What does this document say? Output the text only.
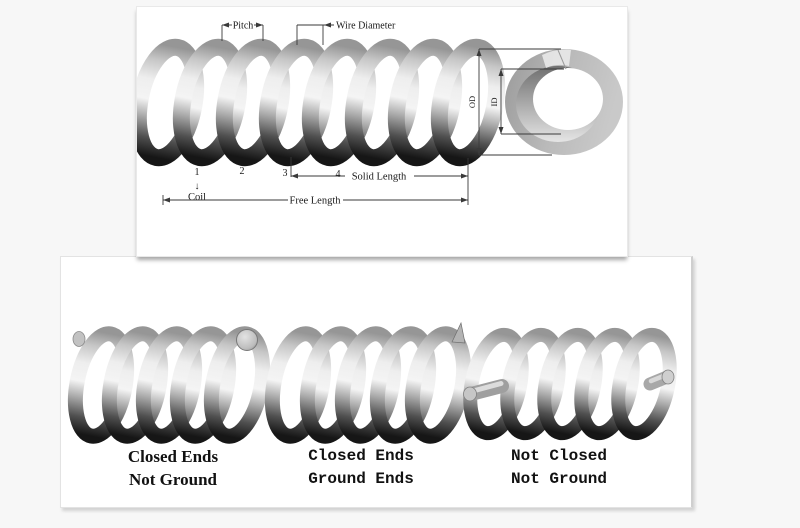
Pitch	Wire Diameter
1	2	3	4
↓
Coil
Solid Length
Free Length
OD ID
Closed Ends
Not Ground
Closed Ends
Ground Ends
Not Closed
Not Ground
